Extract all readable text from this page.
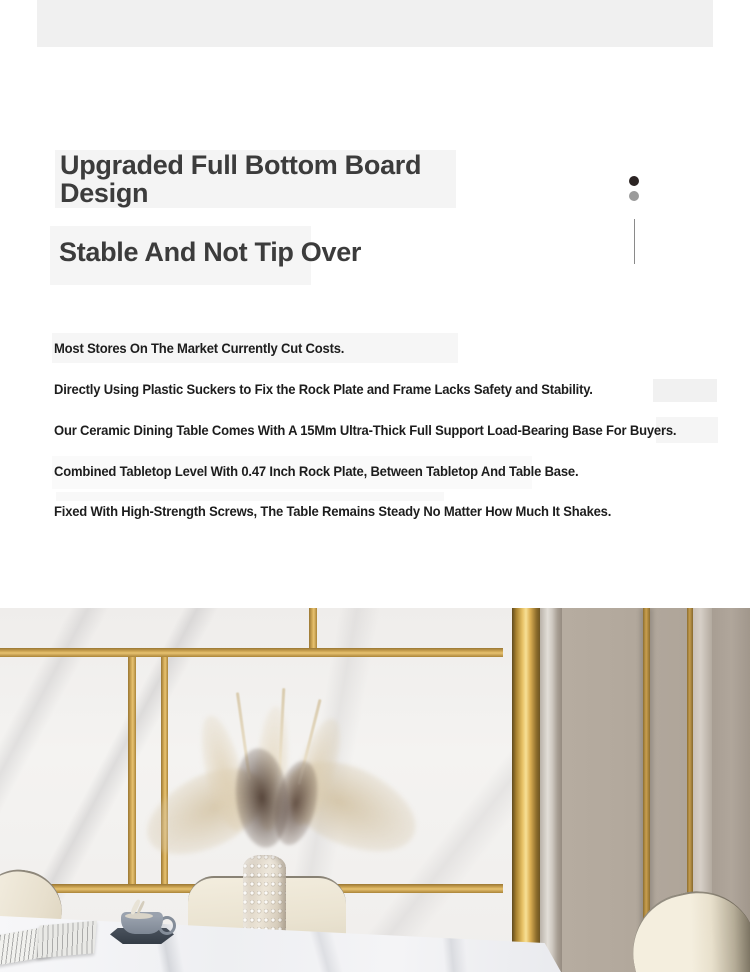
Upgraded Full Bottom Board Design
Stable And Not Tip Over
Most Stores On The Market Currently Cut Costs.
Directly Using Plastic Suckers to Fix the Rock Plate and Frame Lacks Safety and Stability.
Our Ceramic Dining Table Comes With A 15Mm Ultra-Thick Full Support Load-Bearing Base For Buyers.
Combined Tabletop Level With 0.47 Inch Rock Plate, Between Tabletop And Table Base.
Fixed With High-Strength Screws, The Table Remains Steady No Matter How Much It Shakes.
